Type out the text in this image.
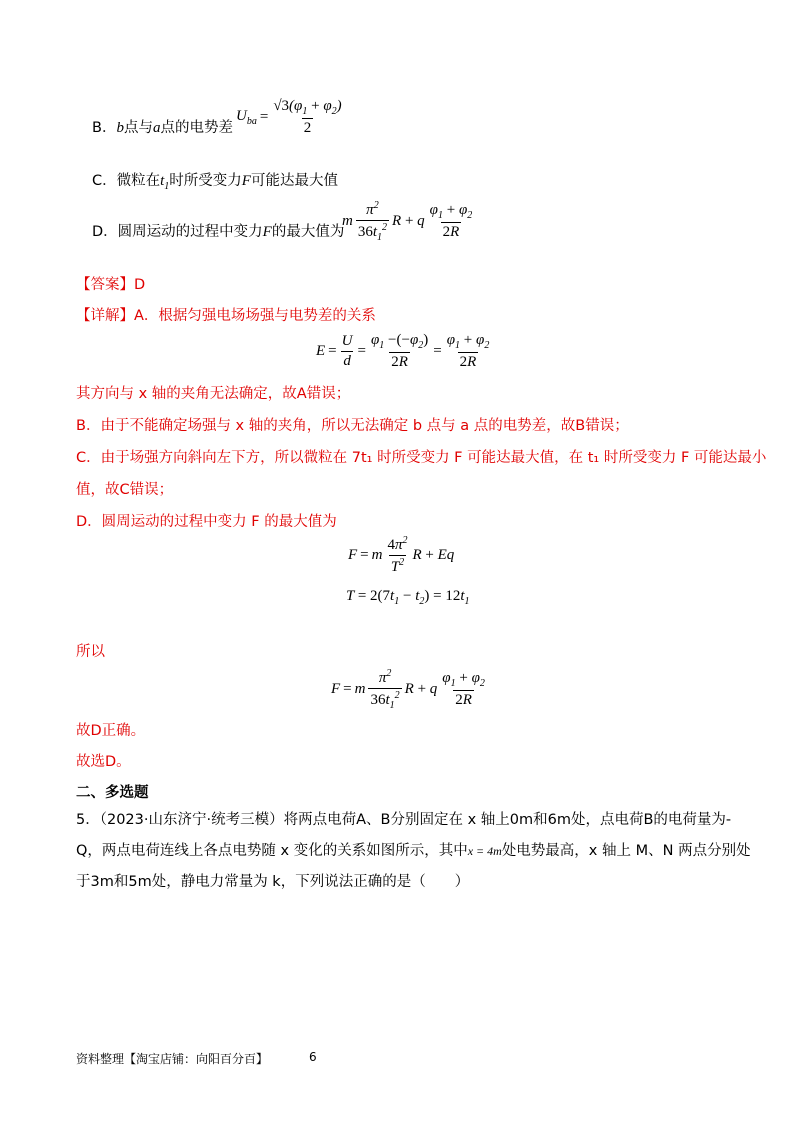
B．b点与a点的电势差
$U_{ba} = \frac{√3(\varphi_1 + \varphi_2)}{2}$
C．微粒在$t_1$时所受变力F可能达最大值
D．圆周运动的过程中变力F的最大值为
m $\frac{\pi^2}{36t_1^2}$ R + q $\frac{\varphi_1 + \varphi_2}{2R}$
【答案】D
【详解】A．根据匀强电场场强与电势差的关系
$E = \frac{U}{d} = \frac{\varphi_1 -(-\varphi_2)}{2R} = \frac{\varphi_1 + \varphi_2}{2R}$
其方向与 x 轴的夹角无法确定，故A错误；
B．由于不能确定场强与 x 轴的夹角，所以无法确定 b 点与 a 点的电势差，故B错误；
C．由于场强方向斜向左下方，所以微粒在 7t₁ 时所受变力 F 可能达最大值，在 t₁ 时所受变力 F 可能达最小
值，故C错误；
D．圆周运动的过程中变力 F 的最大值为
F = m $\frac{4\pi^2}{T^2}$ R + Eq
$T = 2(7t_1 - t_2) = 12t_1$
所以
F = m $\frac{\pi^2}{36t_1^2}$ R + q $\frac{\varphi_1 + \varphi_2}{2R}$
故D正确。
故选D。
二、多选题
5．（2023·山东济宁·统考三模）将两点电荷A、B分别固定在 x 轴上0m和6m处，点电荷B的电荷量为-
Q，两点电荷连线上各点电势随 x 变化的关系如图所示，其中x = 4m处电势最高，x 轴上 M、N 两点分别处
于3m和5m处，静电力常量为 k，下列说法正确的是（　　）
资料整理【淘宝店铺：向阳百分百】	6
